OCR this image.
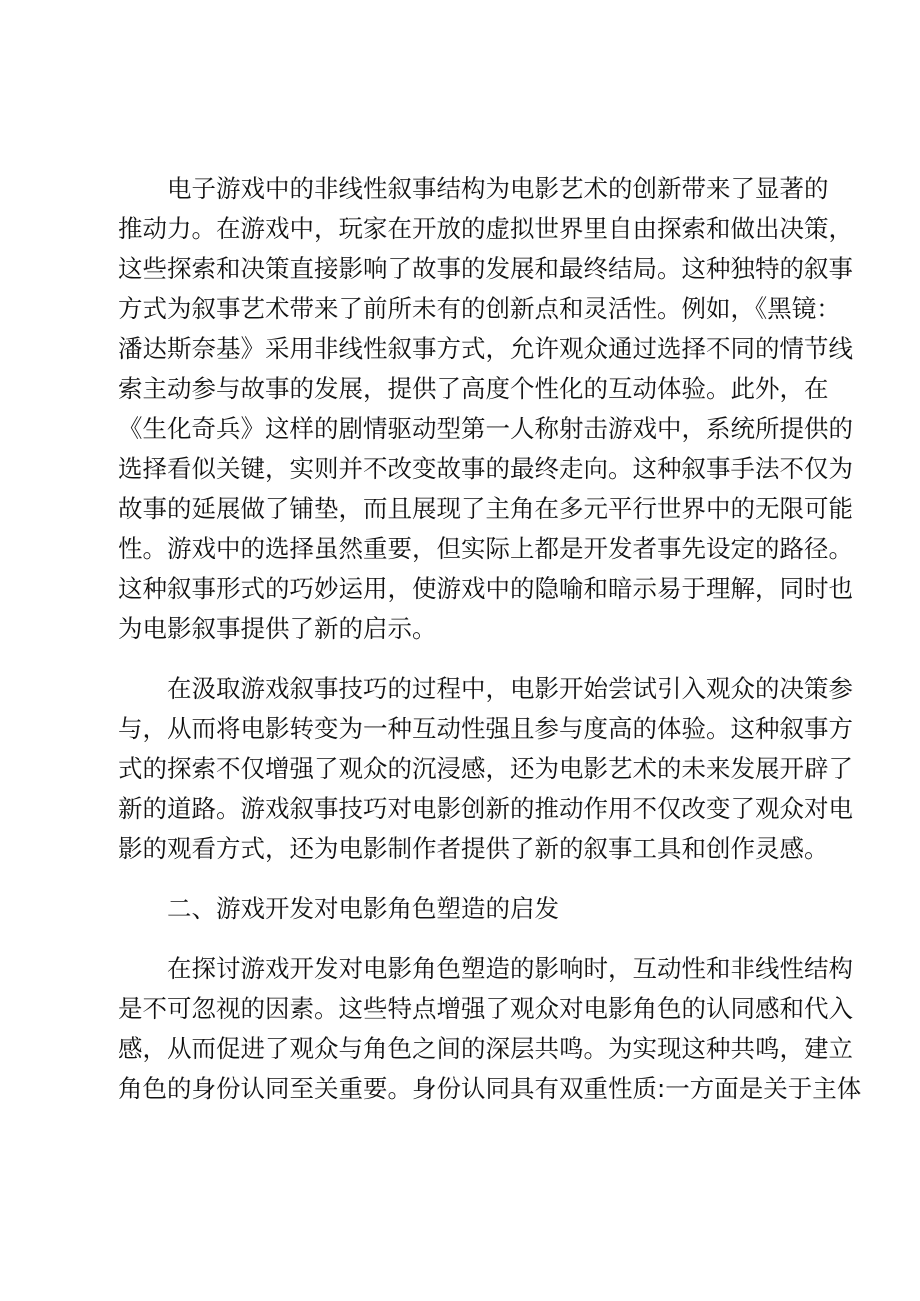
电子游戏中的非线性叙事结构为电影艺术的创新带来了显著的
推动力。在游戏中，玩家在开放的虚拟世界里自由探索和做出决策，
这些探索和决策直接影响了故事的发展和最终结局。这种独特的叙事
方式为叙事艺术带来了前所未有的创新点和灵活性。例如，《黑镜：
潘达斯奈基》采用非线性叙事方式，允许观众通过选择不同的情节线
索主动参与故事的发展，提供了高度个性化的互动体验。此外，在
《生化奇兵》这样的剧情驱动型第一人称射击游戏中，系统所提供的
选择看似关键，实则并不改变故事的最终走向。这种叙事手法不仅为
故事的延展做了铺垫，而且展现了主角在多元平行世界中的无限可能
性。游戏中的选择虽然重要，但实际上都是开发者事先设定的路径。
这种叙事形式的巧妙运用，使游戏中的隐喻和暗示易于理解，同时也
为电影叙事提供了新的启示。
在汲取游戏叙事技巧的过程中，电影开始尝试引入观众的决策参
与，从而将电影转变为一种互动性强且参与度高的体验。这种叙事方
式的探索不仅增强了观众的沉浸感，还为电影艺术的未来发展开辟了
新的道路。游戏叙事技巧对电影创新的推动作用不仅改变了观众对电
影的观看方式，还为电影制作者提供了新的叙事工具和创作灵感。
二、游戏开发对电影角色塑造的启发
在探讨游戏开发对电影角色塑造的影响时，互动性和非线性结构
是不可忽视的因素。这些特点增强了观众对电影角色的认同感和代入
感，从而促进了观众与角色之间的深层共鸣。为实现这种共鸣，建立
角色的身份认同至关重要。身份认同具有双重性质:一方面是关于主体
